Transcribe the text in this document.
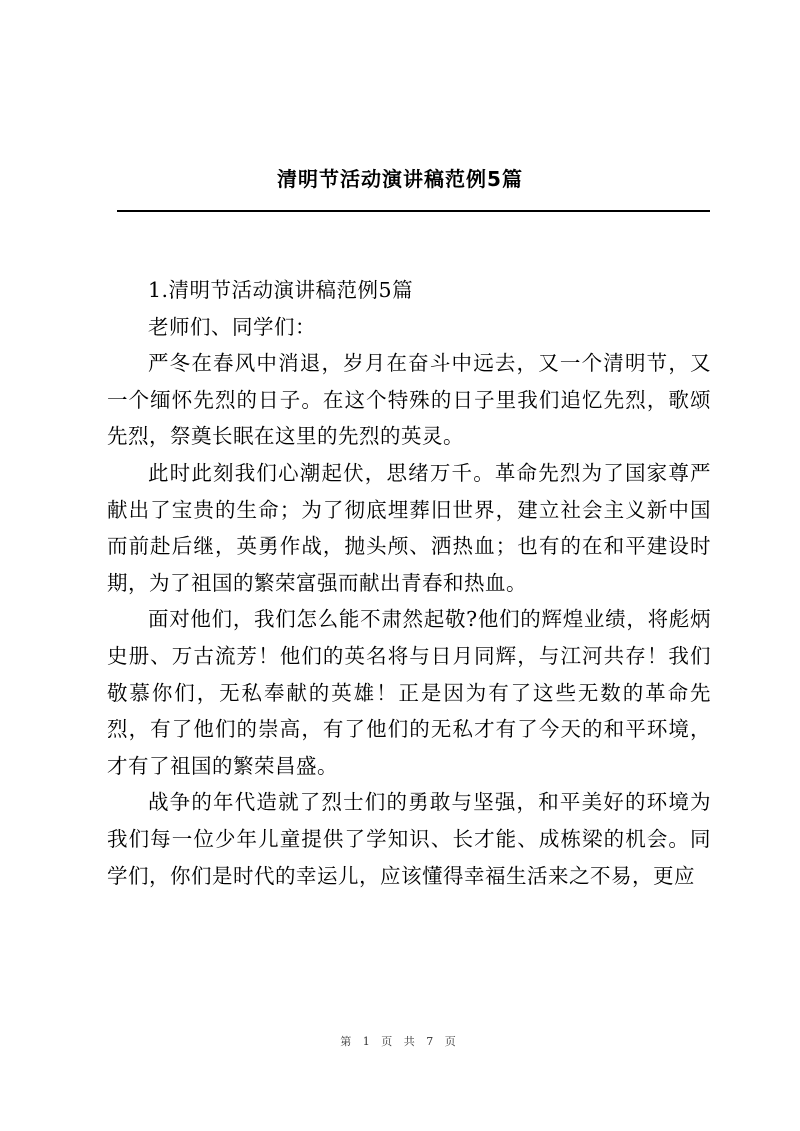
清明节活动演讲稿范例5篇

1.清明节活动演讲稿范例5篇

老师们、同学们：

严冬在春风中消退，岁月在奋斗中远去，又一个清明节，又一个缅怀先烈的日子。在这个特殊的日子里我们追忆先烈，歌颂先烈，祭奠长眠在这里的先烈的英灵。

此时此刻我们心潮起伏，思绪万千。革命先烈为了国家尊严献出了宝贵的生命；为了彻底埋葬旧世界，建立社会主义新中国而前赴后继，英勇作战，抛头颅、洒热血；也有的在和平建设时期，为了祖国的繁荣富强而献出青春和热血。

面对他们，我们怎么能不肃然起敬?他们的辉煌业绩，将彪炳史册、万古流芳！他们的英名将与日月同辉，与江河共存！我们敬慕你们，无私奉献的英雄！正是因为有了这些无数的革命先烈，有了他们的崇高，有了他们的无私才有了今天的和平环境，才有了祖国的繁荣昌盛。

战争的年代造就了烈士们的勇敢与坚强，和平美好的环境为我们每一位少年儿童提供了学知识、长才能、成栋梁的机会。同学们，你们是时代的幸运儿，应该懂得幸福生活来之不易，更应

第 1 页 共 7 页
